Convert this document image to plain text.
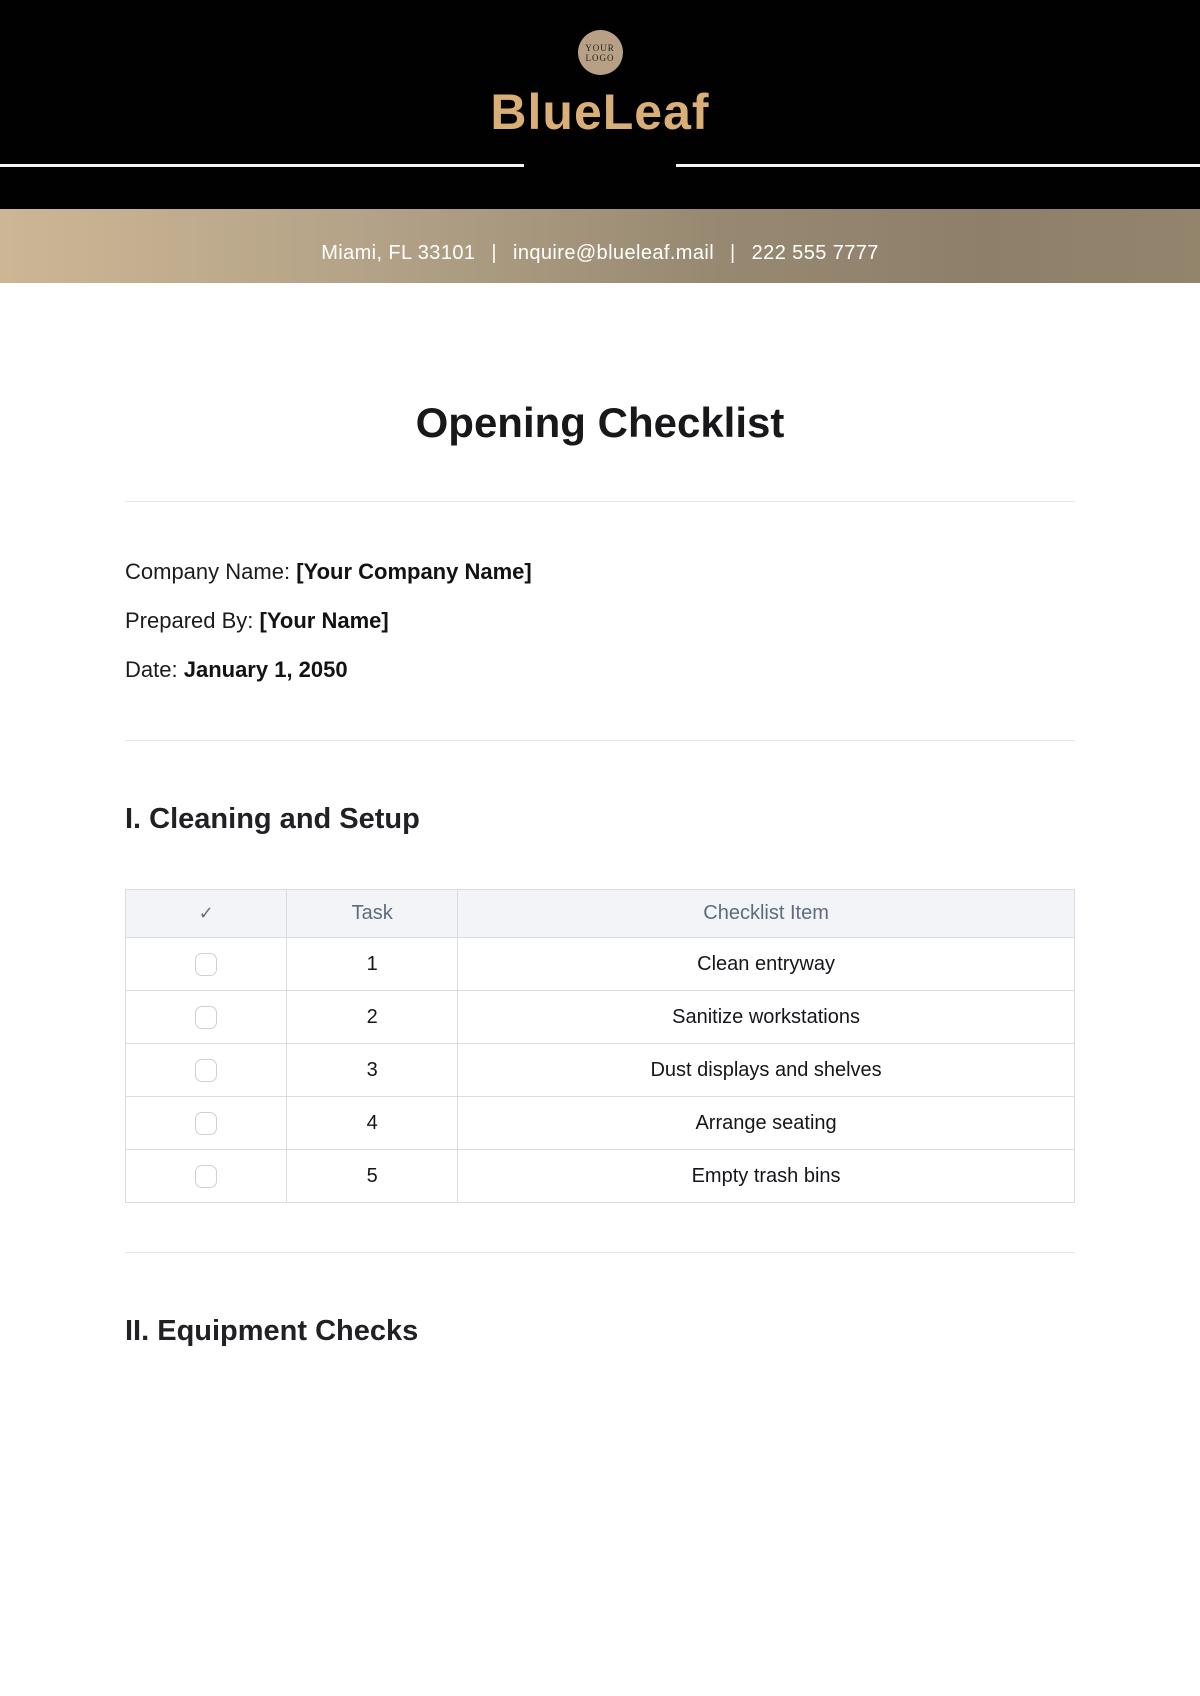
YOUR
LOGO
BlueLeaf
Miami, FL 33101 | inquire@blueleaf.mail | 222 555 7777
Opening Checklist

Company Name: [Your Company Name]

Prepared By: [Your Name]

Date: January 1, 2050

I. Cleaning and Setup
✓	Task	Checklist Item
	1	Clean entryway
	2	Sanitize workstations
	3	Dust displays and shelves
	4	Arrange seating
	5	Empty trash bins
II. Equipment Checks
